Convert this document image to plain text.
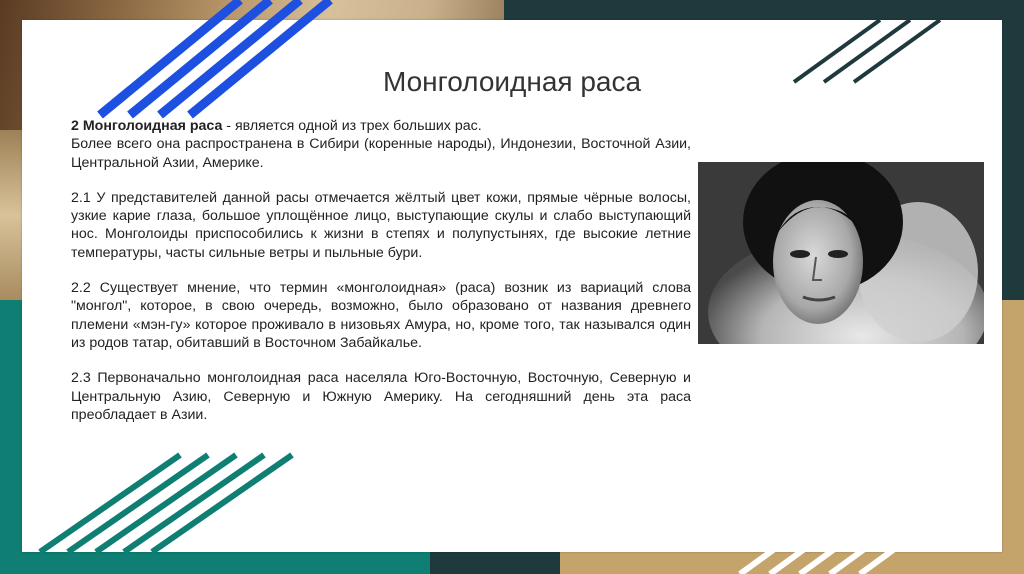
Монголоидная раса

2 Монголоидная раса - является одной из трех больших рас.
Более всего она распространена в Сибири (коренные народы), Индонезии, Восточной Азии, Центральной Азии, Америке.

2.1 У представителей данной расы отмечается жёлтый цвет кожи, прямые чёрные волосы, узкие карие глаза, большое уплощённое лицо, выступающие скулы и слабо выступающий нос. Монголоиды приспособились к жизни в степях и полупустынях, где высокие летние температуры, часты сильные ветры и пыльные бури.

2.2 Существует мнение, что термин «монголоидная» (раса) возник из вариаций слова "монгол", которое, в свою очередь, возможно, было образовано от названия древнего племени «мэн-гу» которое проживало в низовьях Амура, но, кроме того, так назывался один из родов татар, обитавший в Восточном Забайкалье.

2.3 Первоначально монголоидная раса населяла Юго-Восточную, Восточную, Северную и Центральную Азию, Северную и Южную Америку. На сегодняшний день эта раса преобладает в Азии.
